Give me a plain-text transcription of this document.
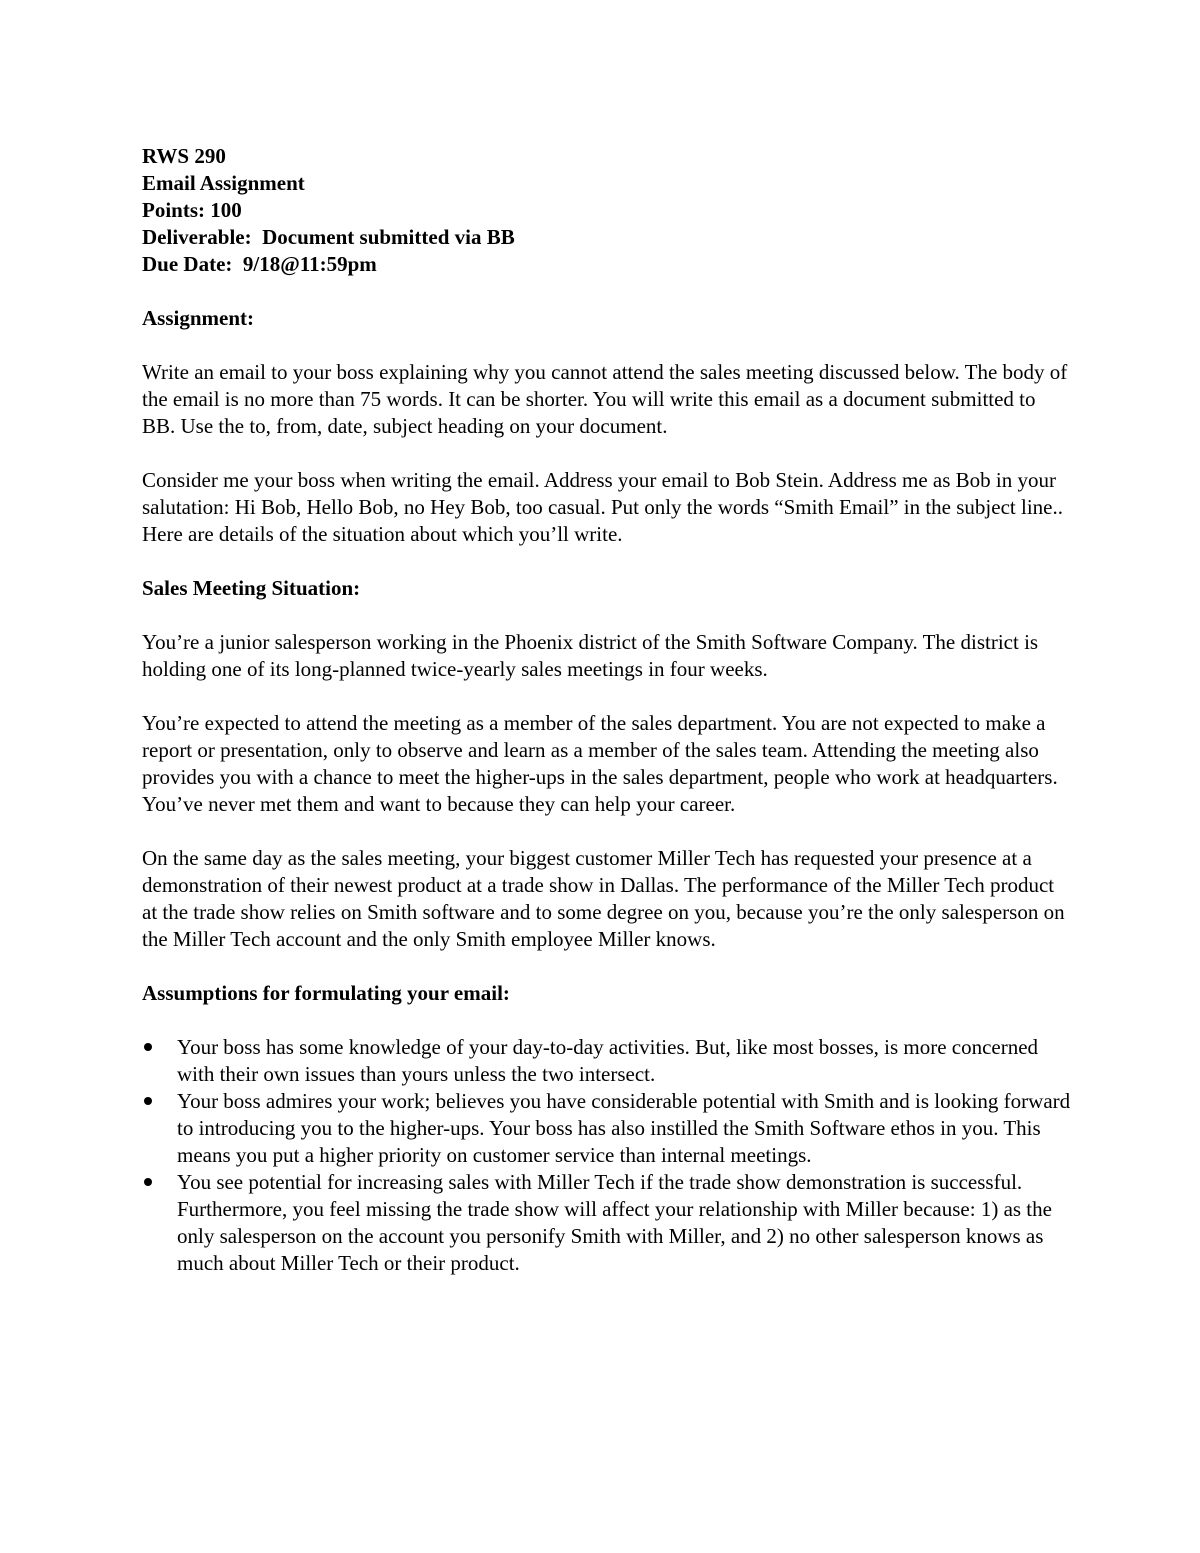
RWS 290

Email Assignment

Points: 100

Deliverable:  Document submitted via BB

Due Date:  9/18@11:59pm

Assignment:

Write an email to your boss explaining why you cannot attend the sales meeting discussed below. The body of the email is no more than 75 words. It can be shorter. You will write this email as a document submitted to BB. Use the to, from, date, subject heading on your document.

Consider me your boss when writing the email. Address your email to Bob Stein. Address me as Bob in your salutation: Hi Bob, Hello Bob, no Hey Bob, too casual. Put only the words “Smith Email” in the subject line.. Here are details of the situation about which you’ll write.

Sales Meeting Situation:

You’re a junior salesperson working in the Phoenix district of the Smith Software Company. The district is holding one of its long-planned twice-yearly sales meetings in four weeks.

You’re expected to attend the meeting as a member of the sales department. You are not expected to make a report or presentation, only to observe and learn as a member of the sales team. Attending the meeting also provides you with a chance to meet the higher-ups in the sales department, people who work at headquarters. You’ve never met them and want to because they can help your career.

On the same day as the sales meeting, your biggest customer Miller Tech has requested your presence at a demonstration of their newest product at a trade show in Dallas. The performance of the Miller Tech product at the trade show relies on Smith software and to some degree on you, because you’re the only salesperson on the Miller Tech account and the only Smith employee Miller knows.

Assumptions for formulating your email:

Your boss has some knowledge of your day-to-day activities. But, like most bosses, is more concerned with their own issues than yours unless the two intersect.
Your boss admires your work; believes you have considerable potential with Smith and is looking forward to introducing you to the higher-ups. Your boss has also instilled the Smith Software ethos in you. This means you put a higher priority on customer service than internal meetings.
You see potential for increasing sales with Miller Tech if the trade show demonstration is successful. Furthermore, you feel missing the trade show will affect your relationship with Miller because: 1) as the only salesperson on the account you personify Smith with Miller, and 2) no other salesperson knows as much about Miller Tech or their product.
